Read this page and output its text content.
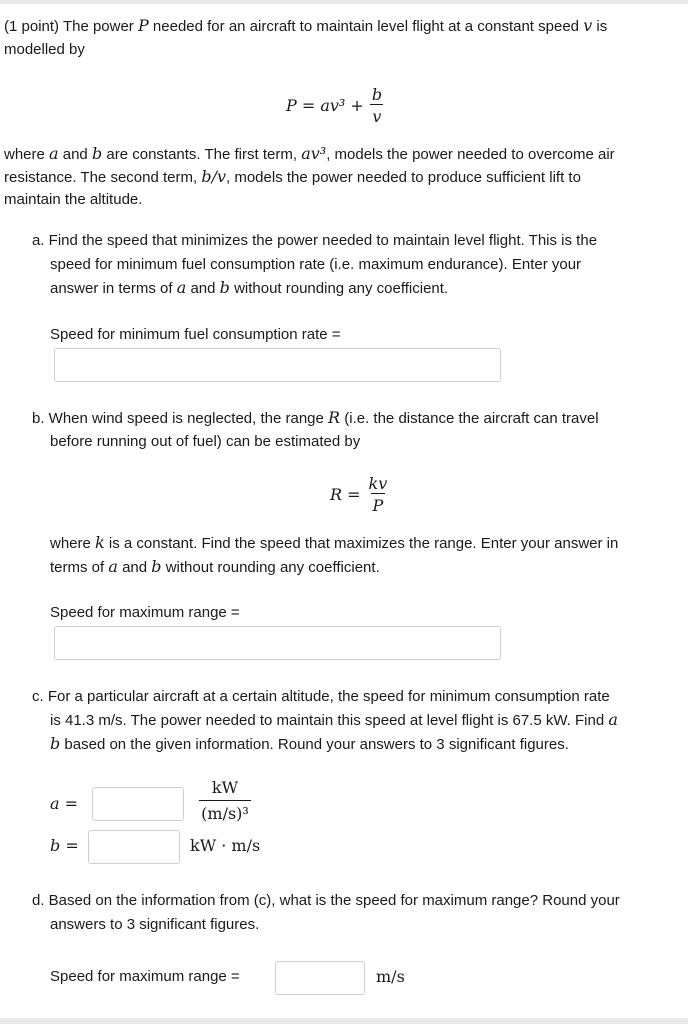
(1 point) The power P needed for an aircraft to maintain level flight at a constant speed v is
modelled by
$P = av^3 + \frac{b}{v}$
where a and b are constants. The first term, av³, models the power needed to overcome air
resistance. The second term, b/v, models the power needed to produce sufficient lift to
maintain the altitude.
a. Find the speed that minimizes the power needed to maintain level flight. This is the
speed for minimum fuel consumption rate (i.e. maximum endurance). Enter your
answer in terms of a and b without rounding any coefficient.
Speed for minimum fuel consumption rate =
b. When wind speed is neglected, the range R (i.e. the distance the aircraft can travel
before running out of fuel) can be estimated by
$R = \frac{kv}{P}$
where k is a constant. Find the speed that maximizes the range. Enter your answer in
terms of a and b without rounding any coefficient.
Speed for maximum range =
c. For a particular aircraft at a certain altitude, the speed for minimum consumption rate
is 41.3 m/s. The power needed to maintain this speed at level flight is 67.5 kW. Find a
b based on the given information. Round your answers to 3 significant figures.
a =
kW
(m/s)³
b =	kW · m/s
d. Based on the information from (c), what is the speed for maximum range? Round your
answers to 3 significant figures.
Speed for maximum range =	m/s
